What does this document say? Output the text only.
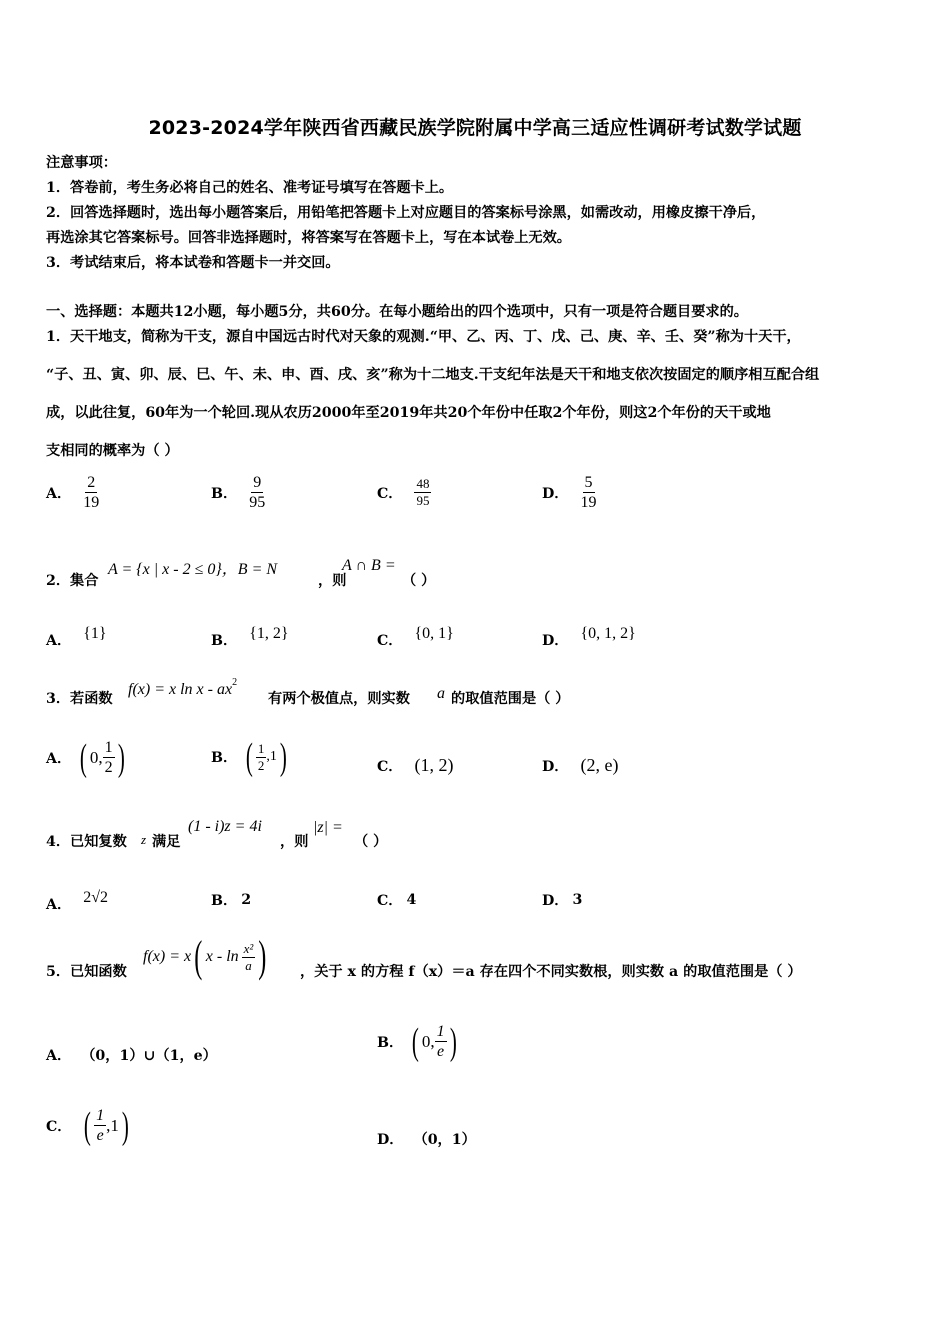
2023-2024学年陕西省西藏民族学院附属中学高三适应性调研考试数学试题
注意事项：
1．答卷前，考生务必将自己的姓名、准考证号填写在答题卡上。
2．回答选择题时，选出每小题答案后，用铅笔把答题卡上对应题目的答案标号涂黑，如需改动，用橡皮擦干净后，
再选涂其它答案标号。回答非选择题时，将答案写在答题卡上，写在本试卷上无效。
3．考试结束后，将本试卷和答题卡一并交回。
一、选择题：本题共12小题，每小题5分，共60分。在每小题给出的四个选项中，只有一项是符合题目要求的。
1．天干地支，简称为干支，源自中国远古时代对天象的观测.“甲、乙、丙、丁、戊、己、庚、辛、壬、癸”称为十天干，
“子、丑、寅、卯、辰、巳、午、未、申、酉、戌、亥”称为十二地支.干支纪年法是天干和地支依次按固定的顺序相互配合组
成，以此往复，60年为一个轮回.现从农历2000年至2019年共20个年份中任取2个年份，则这2个年份的天干或地
支相同的概率为（ ）
A． $\frac{2}{19}$	B． $\frac{9}{95}$	C． $\frac{48}{95}$	D． $\frac{5}{19}$
2．集合
A = {x | x - 2 ≤ 0}，B = N
，则
A ∩ B =
（ ）
A． {1}	B． {1, 2}	C． {0, 1}	D． {0, 1, 2}
3．若函数
f(x) = x ln x - $ax^2$
有两个极值点，则实数 a 的取值范围是（ ）
A． ( 0, $\frac{1}{2}$ )	B． ( $\frac{1}{2} ,1$ )	C． (1, 2)	D． (2, e)
4．已知复数 z 满足
(1 - i)z = 4i
，则
|z| =
（ ）
A． 2√2	B． 2	C． 4	D． 3
5．已知函数
f(x) = x ( x - $\ln \frac{\text{x²}}{a}$ ) ，关于 x 的方程 f（x）＝a 存在四个不同实数根，则实数 a 的取值范围是（ ）
A． （0，1）∪（1，e）
B． ( 0, $\frac{1}{e}$ )
C． ( $\frac{1}{e} ,1$ )	D． （0，1）
